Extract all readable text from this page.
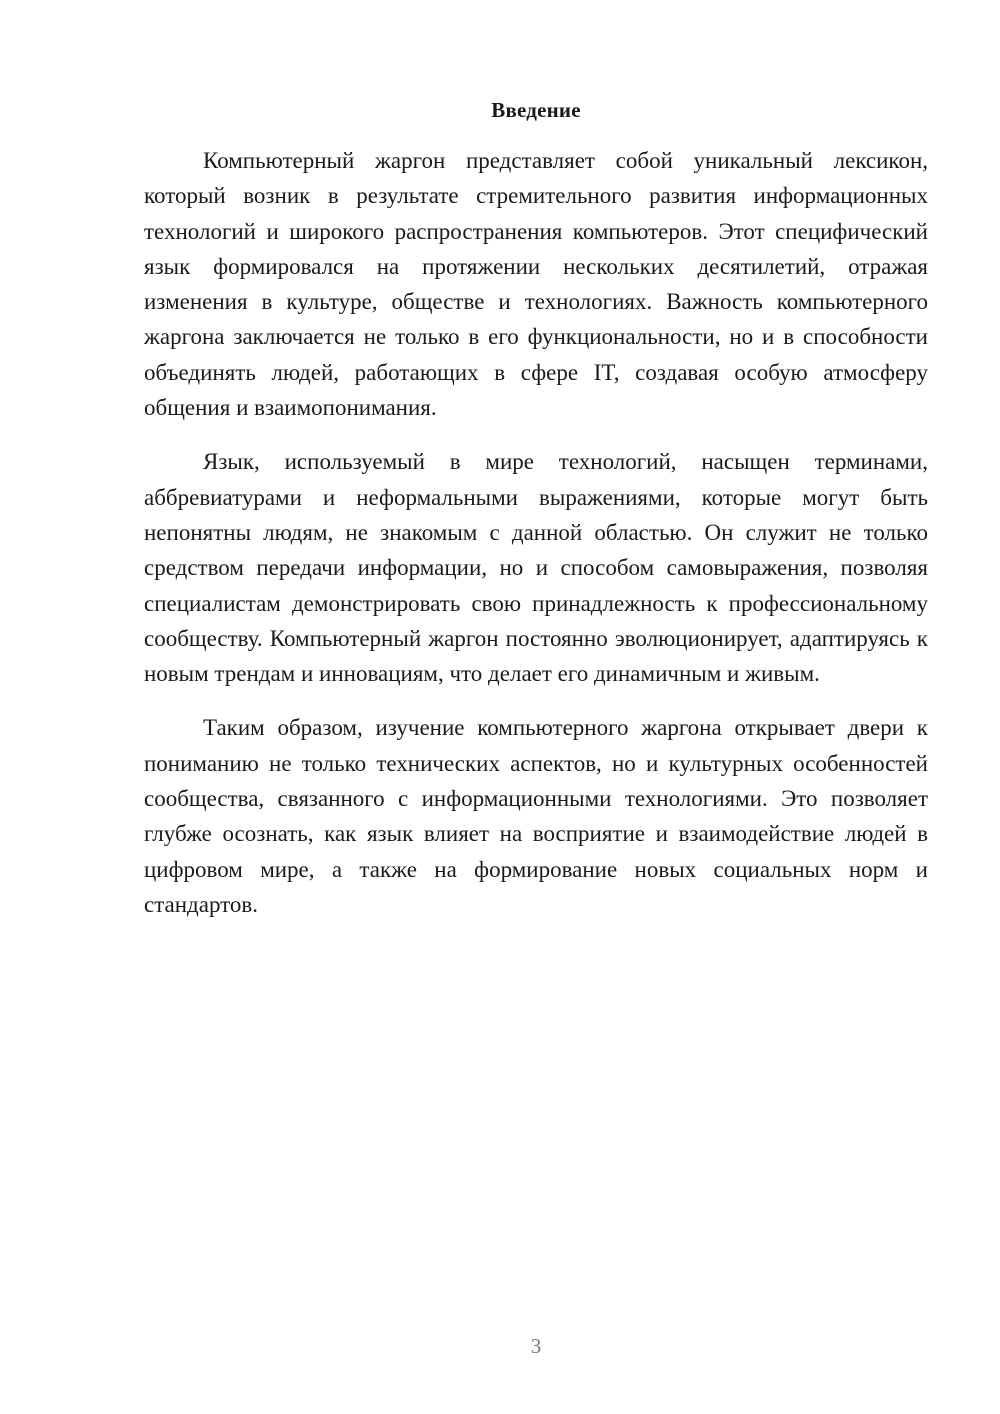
Введение

Компьютерный жаргон представляет собой уникальный лексикон, который возник в результате стремительного развития информационных технологий и широкого распространения компьютеров. Этот специфический язык формировался на протяжении нескольких десятилетий, отражая изменения в культуре, обществе и технологиях. Важность компьютерного жаргона заключается не только в его функциональности, но и в способности объединять людей, работающих в сфере IT, создавая особую атмосферу общения и взаимопонимания.

Язык, используемый в мире технологий, насыщен терминами, аббревиатурами и неформальными выражениями, которые могут быть непонятны людям, не знакомым с данной областью. Он служит не только средством передачи информации, но и способом самовыражения, позволяя специалистам демонстрировать свою принадлежность к профессиональному сообществу. Компьютерный жаргон постоянно эволюционирует, адаптируясь к новым трендам и инновациям, что делает его динамичным и живым.

Таким образом, изучение компьютерного жаргона открывает двери к пониманию не только технических аспектов, но и культурных особенностей сообщества, связанного с информационными технологиями. Это позволяет глубже осознать, как язык влияет на восприятие и взаимодействие людей в цифровом мире, а также на формирование новых социальных норм и стандартов.

3
